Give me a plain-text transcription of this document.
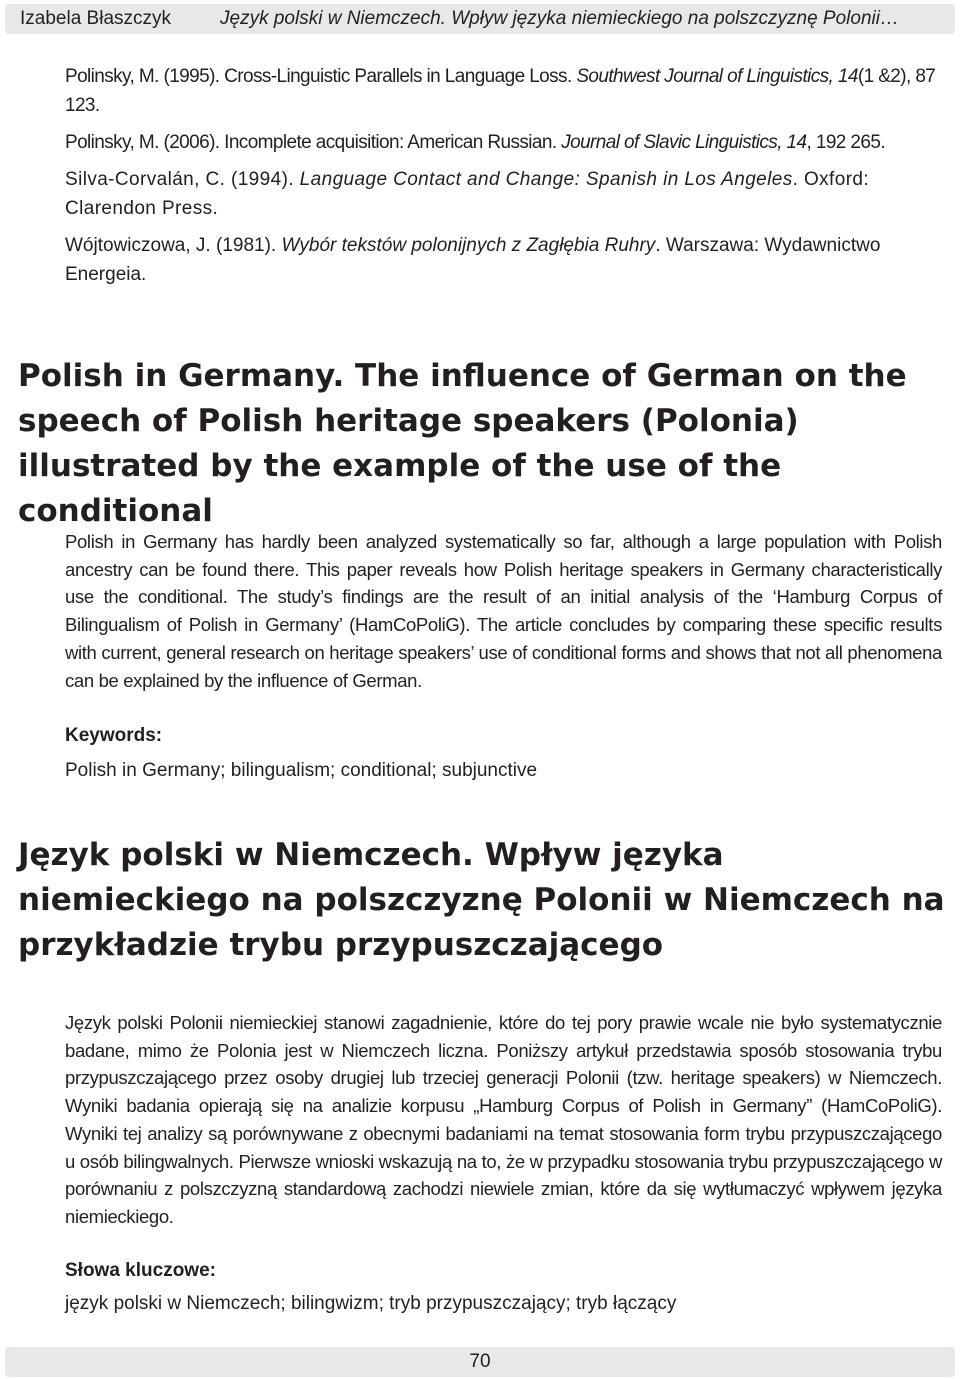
Izabela Błaszczyk	Język polski w Niemczech. Wpływ języka niemieckiego na polszczyznę Polonii…

Polinsky, M. (1995). Cross-Linguistic Parallels in Language Loss. Southwest Journal of Linguistics, 14(1 &2), 87 123.

Polinsky, M. (2006). Incomplete acquisition: American Russian. Journal of Slavic Linguistics, 14, 192 265.

Silva-Corvalán, C. (1994). Language Contact and Change: Spanish in Los Angeles. Oxford: Clarendon Press.

Wójtowiczowa, J. (1981). Wybór tekstów polonijnych z Zagłębia Ruhry. Warszawa: Wydawnictwo Energeia.

Polish in Germany. The influence of German on the speech of Polish heritage speakers (Polonia) illustrated by the example of the use of the conditional

Polish in Germany has hardly been analyzed systematically so far, although a large population with Polish ancestry can be found there. This paper reveals how Polish heritage speakers in Germany characteristically use the conditional. The study’s findings are the result of an initial analysis of the ‘Hamburg Corpus of Bilingualism of Polish in Germany’ (HamCoPoliG). The article concludes by comparing these specific results with current, general research on heritage speakers’ use of conditional forms and shows that not all phenomena can be explained by the influence of German.

Keywords:
Polish in Germany; bilingualism; conditional; subjunctive
Język polski w Niemczech. Wpływ języka niemieckiego na polszczyznę Polonii w Niemczech na przykładzie trybu przypuszczającego

Język polski Polonii niemieckiej stanowi zagadnienie, które do tej pory prawie wcale nie było systematycznie badane, mimo że Polonia jest w Niemczech liczna. Poniższy artykuł przedstawia sposób stosowania trybu przypuszczającego przez osoby drugiej lub trzeciej generacji Polonii (tzw. heritage speakers) w Niemczech. Wyniki badania opierają się na analizie korpusu „Hamburg Corpus of Polish in Germany” (HamCoPoliG). Wyniki tej analizy są porównywane z obecnymi badaniami na temat stosowania form trybu przypuszczającego u osób bilingwalnych. Pierwsze wnioski wskazują na to, że w przypadku stosowania trybu przypuszczającego w porównaniu z polszczyzną standardową zachodzi niewiele zmian, które da się wytłumaczyć wpływem języka niemieckiego.

Słowa kluczowe:
język polski w Niemczech; bilingwizm; tryb przypuszczający; tryb łączący
70
